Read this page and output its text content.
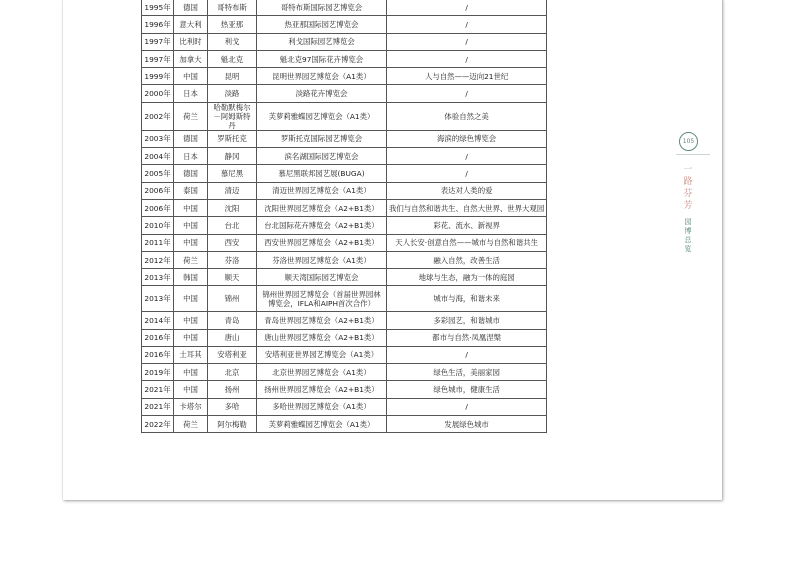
1995年	德国	哥特布斯	哥特布斯国际园艺博览会	/
1996年	意大利	热亚那	热亚那国际园艺博览会	/
1997年	比利时	利戈	利戈国际园艺博览会	/
1997年	加拿大	魁北克	魁北克97国际花卉博览会	/
1999年	中国	昆明	昆明世界园艺博览会（A1类）	人与自然——迈向21世纪
2000年	日本	淡路	淡路花卉博览会	/
2002年	荷兰	哈勒默梅尔－阿姆斯特丹	芙萝莉雅蝶园艺博览会（A1类）	体验自然之美
2003年	德国	罗斯托克	罗斯托克国际园艺博览会	海滨的绿色博览会
2004年	日本	静冈	滨名湖国际园艺博览会	/
2005年	德国	慕尼黑	慕尼黑联邦园艺展(BUGA)	/
2006年	泰国	清迈	清迈世界园艺博览会（A1类）	表达对人类的爱
2006年	中国	沈阳	沈阳世界园艺博览会（A2+B1类）	我们与自然和谐共生、自然大世界、世界大观园
2010年	中国	台北	台北国际花卉博览会（A2+B1类）	彩花、流水、新视界
2011年	中国	西安	西安世界园艺博览会（A2+B1类）	天人长安·创意自然——城市与自然和谐共生
2012年	荷兰	芬洛	芬洛世界园艺博览会（A1类）	融入自然，改善生活
2013年	韩国	顺天	顺天湾国际园艺博览会	地球与生态，融为一体的庭园
2013年	中国	锦州	锦州世界园艺博览会（首届世界园林博览会，IFLA和AIPH首次合作）	城市与海，和谐未来
2014年	中国	青岛	青岛世界园艺博览会（A2+B1类）	多彩园艺，和谐城市
2016年	中国	唐山	唐山世界园艺博览会（A2+B1类）	都市与自然·凤凰涅槃
2016年	土耳其	安塔利亚	安塔利亚世界园艺博览会（A1类）	/
2019年	中国	北京	北京世界园艺博览会（A1类）	绿色生活，美丽家园
2021年	中国	扬州	扬州世界园艺博览会（A2+B1类）	绿色城市，健康生活
2021年	卡塔尔	多哈	多哈世界园艺博览会（A1类）	/
2022年	荷兰	阿尔梅勒	芙萝莉雅蝶园艺博览会（A1类）	发展绿色城市
105
一路芬芳
园博总览
